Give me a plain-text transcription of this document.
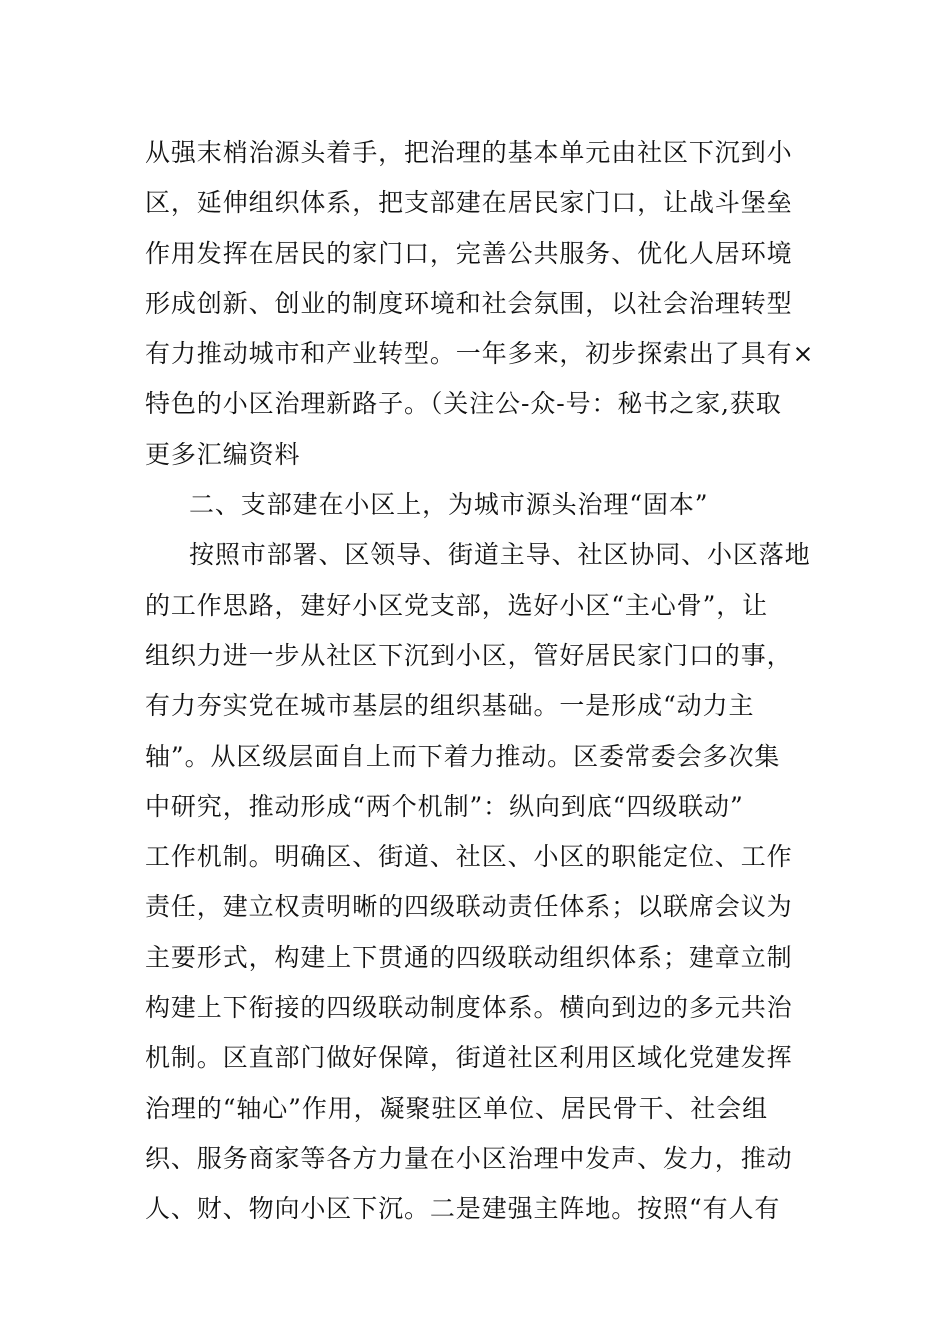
从强末梢治源头着手，把治理的基本单元由社区下沉到小
区，延伸组织体系，把支部建在居民家门口，让战斗堡垒
作用发挥在居民的家门口，完善公共服务、优化人居环境
形成创新、创业的制度环境和社会氛围，以社会治理转型
有力推动城市和产业转型。一年多来，初步探索出了具有×
特色的小区治理新路子。（关注公-众-号：秘书之家,获取
更多汇编资料
二、支部建在小区上，为城市源头治理“固本”
按照市部署、区领导、街道主导、社区协同、小区落地
的工作思路，建好小区党支部，选好小区“主心骨”，让
组织力进一步从社区下沉到小区，管好居民家门口的事，
有力夯实党在城市基层的组织基础。一是形成“动力主
轴”。从区级层面自上而下着力推动。区委常委会多次集
中研究，推动形成“两个机制”：纵向到底“四级联动”
工作机制。明确区、街道、社区、小区的职能定位、工作
责任，建立权责明晰的四级联动责任体系；以联席会议为
主要形式，构建上下贯通的四级联动组织体系；建章立制
构建上下衔接的四级联动制度体系。横向到边的多元共治
机制。区直部门做好保障，街道社区利用区域化党建发挥
治理的“轴心”作用，凝聚驻区单位、居民骨干、社会组
织、服务商家等各方力量在小区治理中发声、发力，推动
人、财、物向小区下沉。二是建强主阵地。按照“有人有
